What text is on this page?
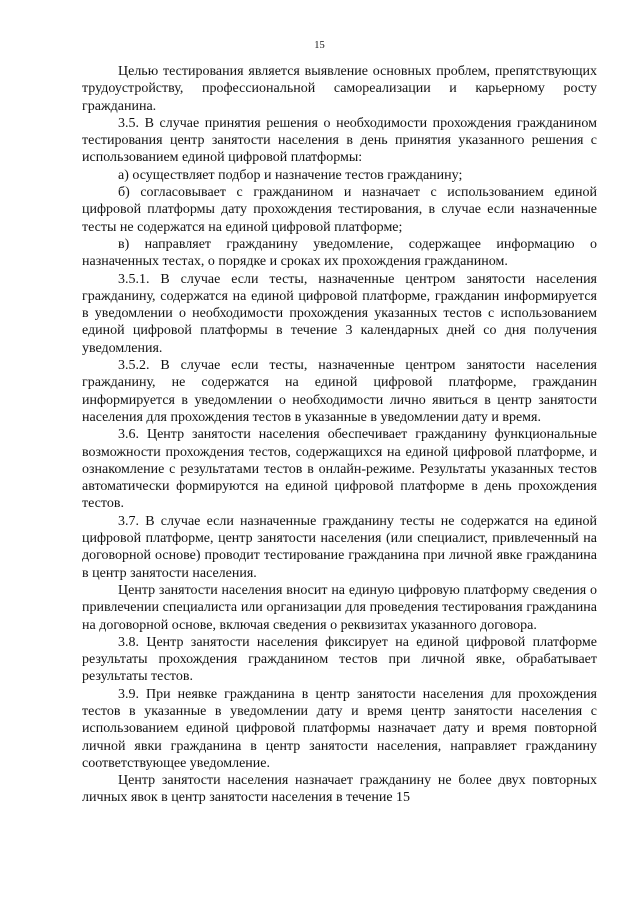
15

Целью тестирования является выявление основных проблем, препятствующих трудоустройству, профессиональной самореализации и карьерному росту гражданина.

3.5. В случае принятия решения о необходимости прохождения гражданином тестирования центр занятости населения в день принятия указанного решения с использованием единой цифровой платформы:

а) осуществляет подбор и назначение тестов гражданину;

б) согласовывает с гражданином и назначает с использованием единой цифровой платформы дату прохождения тестирования, в случае если назначенные тесты не содержатся на единой цифровой платформе;

в) направляет гражданину уведомление, содержащее информацию о назначенных тестах, о порядке и сроках их прохождения гражданином.

3.5.1. В случае если тесты, назначенные центром занятости населения гражданину, содержатся на единой цифровой платформе, гражданин информируется в уведомлении о необходимости прохождения указанных тестов с использованием единой цифровой платформы в течение 3 календарных дней со дня получения уведомления.

3.5.2. В случае если тесты, назначенные центром занятости населения гражданину, не содержатся на единой цифровой платформе, гражданин информируется в уведомлении о необходимости лично явиться в центр занятости населения для прохождения тестов в указанные в уведомлении дату и время.

3.6. Центр занятости населения обеспечивает гражданину функциональные возможности прохождения тестов, содержащихся на единой цифровой платформе, и ознакомление с результатами тестов в онлайн-режиме. Результаты указанных тестов автоматически формируются на единой цифровой платформе в день прохождения тестов.

3.7. В случае если назначенные гражданину тесты не содержатся на единой цифровой платформе, центр занятости населения (или специалист, привлеченный на договорной основе) проводит тестирование гражданина при личной явке гражданина в центр занятости населения.

Центр занятости населения вносит на единую цифровую платформу сведения о привлечении специалиста или организации для проведения тестирования гражданина на договорной основе, включая сведения о реквизитах указанного договора.

3.8. Центр занятости населения фиксирует на единой цифровой платформе результаты прохождения гражданином тестов при личной явке, обрабатывает результаты тестов.

3.9. При неявке гражданина в центр занятости населения для прохождения тестов в указанные в уведомлении дату и время центр занятости населения с использованием единой цифровой платформы назначает дату и время повторной личной явки гражданина в центр занятости населения, направляет гражданину соответствующее уведомление.

Центр занятости населения назначает гражданину не более двух повторных личных явок в центр занятости населения в течение 15
